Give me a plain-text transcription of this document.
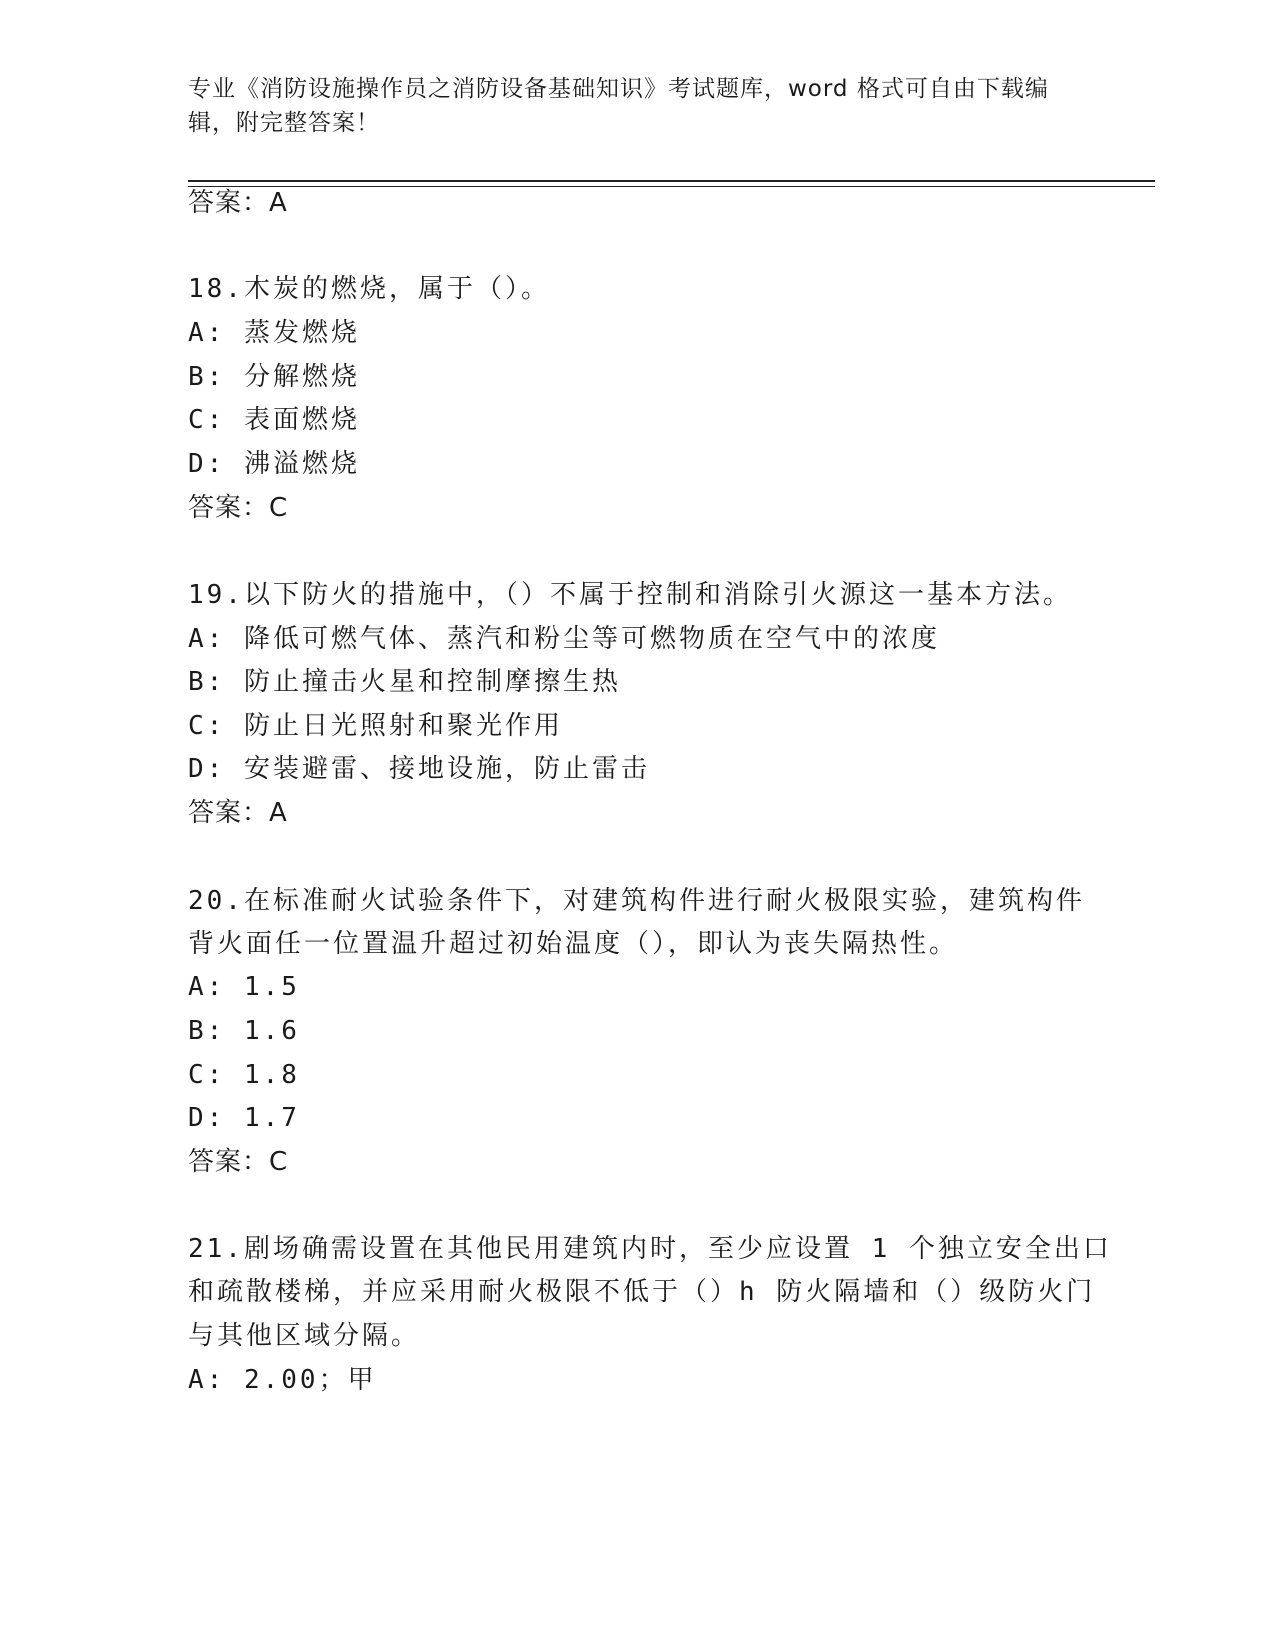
专业《消防设施操作员之消防设备基础知识》考试题库，word 格式可自由下载编
辑，附完整答案！
答案：A
18.木炭的燃烧，属于（）。
A: 蒸发燃烧
B: 分解燃烧
C: 表面燃烧
D: 沸溢燃烧
答案：C
19.以下防火的措施中，（）不属于控制和消除引火源这一基本方法。
A: 降低可燃气体、蒸汽和粉尘等可燃物质在空气中的浓度
B: 防止撞击火星和控制摩擦生热
C: 防止日光照射和聚光作用
D: 安装避雷、接地设施，防止雷击
答案：A
20.在标准耐火试验条件下，对建筑构件进行耐火极限实验，建筑构件
背火面任一位置温升超过初始温度（），即认为丧失隔热性。
A: 1.5
B: 1.6
C: 1.8
D: 1.7
答案：C
21.剧场确需设置在其他民用建筑内时，至少应设置 1 个独立安全出口
和疏散楼梯，并应采用耐火极限不低于（）h 防火隔墙和（）级防火门
与其他区域分隔。
A: 2.00；甲
